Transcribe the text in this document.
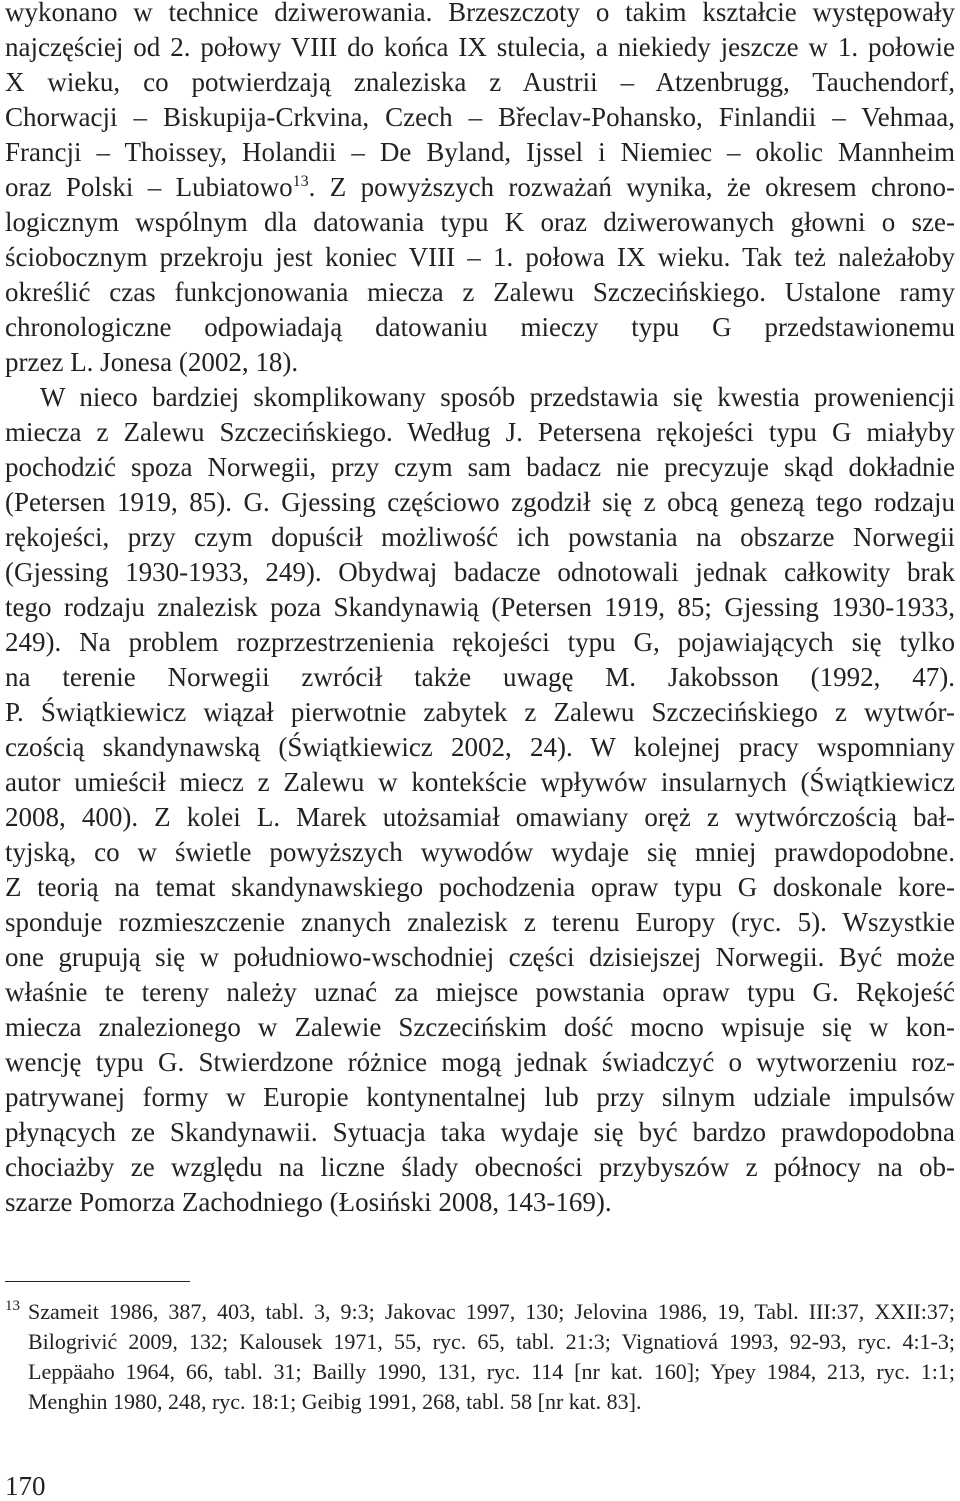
wykonano w technice dziwerowania. Brzeszczoty o takim kształcie występowały
najczęściej od 2. połowy VIII do końca IX stulecia, a niekiedy jeszcze w 1. połowie
X wieku, co potwierdzają znaleziska z Austrii – Atzenbrugg, Tauchendorf,
Chorwacji – Biskupija-Crkvina, Czech – Břeclav-Pohansko, Finlandii – Vehmaa,
Francji – Thoissey, Holandii – De Byland, Ijssel i Niemiec – okolic Mannheim
oraz Polski – Lubiatowo$^{13}$. Z powyższych rozważań wynika, że okresem chrono-
logicznym wspólnym dla datowania typu K oraz dziwerowanych głowni o sze-
ściobocznym przekroju jest koniec VIII – 1. połowa IX wieku. Tak też należałoby
określić czas funkcjonowania miecza z Zalewu Szczecińskiego. Ustalone ramy
chronologiczne odpowiadają datowaniu mieczy typu G przedstawionemu
przez L. Jonesa (2002, 18).
W nieco bardziej skomplikowany sposób przedstawia się kwestia proweniencji
miecza z Zalewu Szczecińskiego. Według J. Petersena rękojeści typu G miałyby
pochodzić spoza Norwegii, przy czym sam badacz nie precyzuje skąd dokładnie
(Petersen 1919, 85). G. Gjessing częściowo zgodził się z obcą genezą tego rodzaju
rękojeści, przy czym dopuścił możliwość ich powstania na obszarze Norwegii
(Gjessing 1930-1933, 249). Obydwaj badacze odnotowali jednak całkowity brak
tego rodzaju znalezisk poza Skandynawią (Petersen 1919, 85; Gjessing 1930-1933,
249). Na problem rozprzestrzenienia rękojeści typu G, pojawiających się tylko
na terenie Norwegii zwrócił także uwagę M. Jakobsson (1992, 47).
P. Świątkiewicz wiązał pierwotnie zabytek z Zalewu Szczecińskiego z wytwór-
czością skandynawską (Świątkiewicz 2002, 24). W kolejnej pracy wspomniany
autor umieścił miecz z Zalewu w kontekście wpływów insularnych (Świątkiewicz
2008, 400). Z kolei L. Marek utożsamiał omawiany oręż z wytwórczością bał-
tyjską, co w świetle powyższych wywodów wydaje się mniej prawdopodobne.
Z teorią na temat skandynawskiego pochodzenia opraw typu G doskonale kore-
sponduje rozmieszczenie znanych znalezisk z terenu Europy (ryc. 5). Wszystkie
one grupują się w południowo-wschodniej części dzisiejszej Norwegii. Być może
właśnie te tereny należy uznać za miejsce powstania opraw typu G. Rękojeść
miecza znalezionego w Zalewie Szczecińskim dość mocno wpisuje się w kon-
wencję typu G. Stwierdzone różnice mogą jednak świadczyć o wytworzeniu roz-
patrywanej formy w Europie kontynentalnej lub przy silnym udziale impulsów
płynących ze Skandynawii. Sytuacja taka wydaje się być bardzo prawdopodobna
chociażby ze względu na liczne ślady obecności przybyszów z północy na ob-
szarze Pomorza Zachodniego (Łosiński 2008, 143-169).
13 Szameit 1986, 387, 403, tabl. 3, 9:3; Jakovac 1997, 130; Jelovina 1986, 19, Tabl. III:37, XXII:37;
Bilogrivić 2009, 132; Kalousek 1971, 55, ryc. 65, tabl. 21:3; Vignatiová 1993, 92-93, ryc. 4:1-3;
Leppäaho 1964, 66, tabl. 31; Bailly 1990, 131, ryc. 114 [nr kat. 160]; Ypey 1984, 213, ryc. 1:1;
Menghin 1980, 248, ryc. 18:1; Geibig 1991, 268, tabl. 58 [nr kat. 83].
170
